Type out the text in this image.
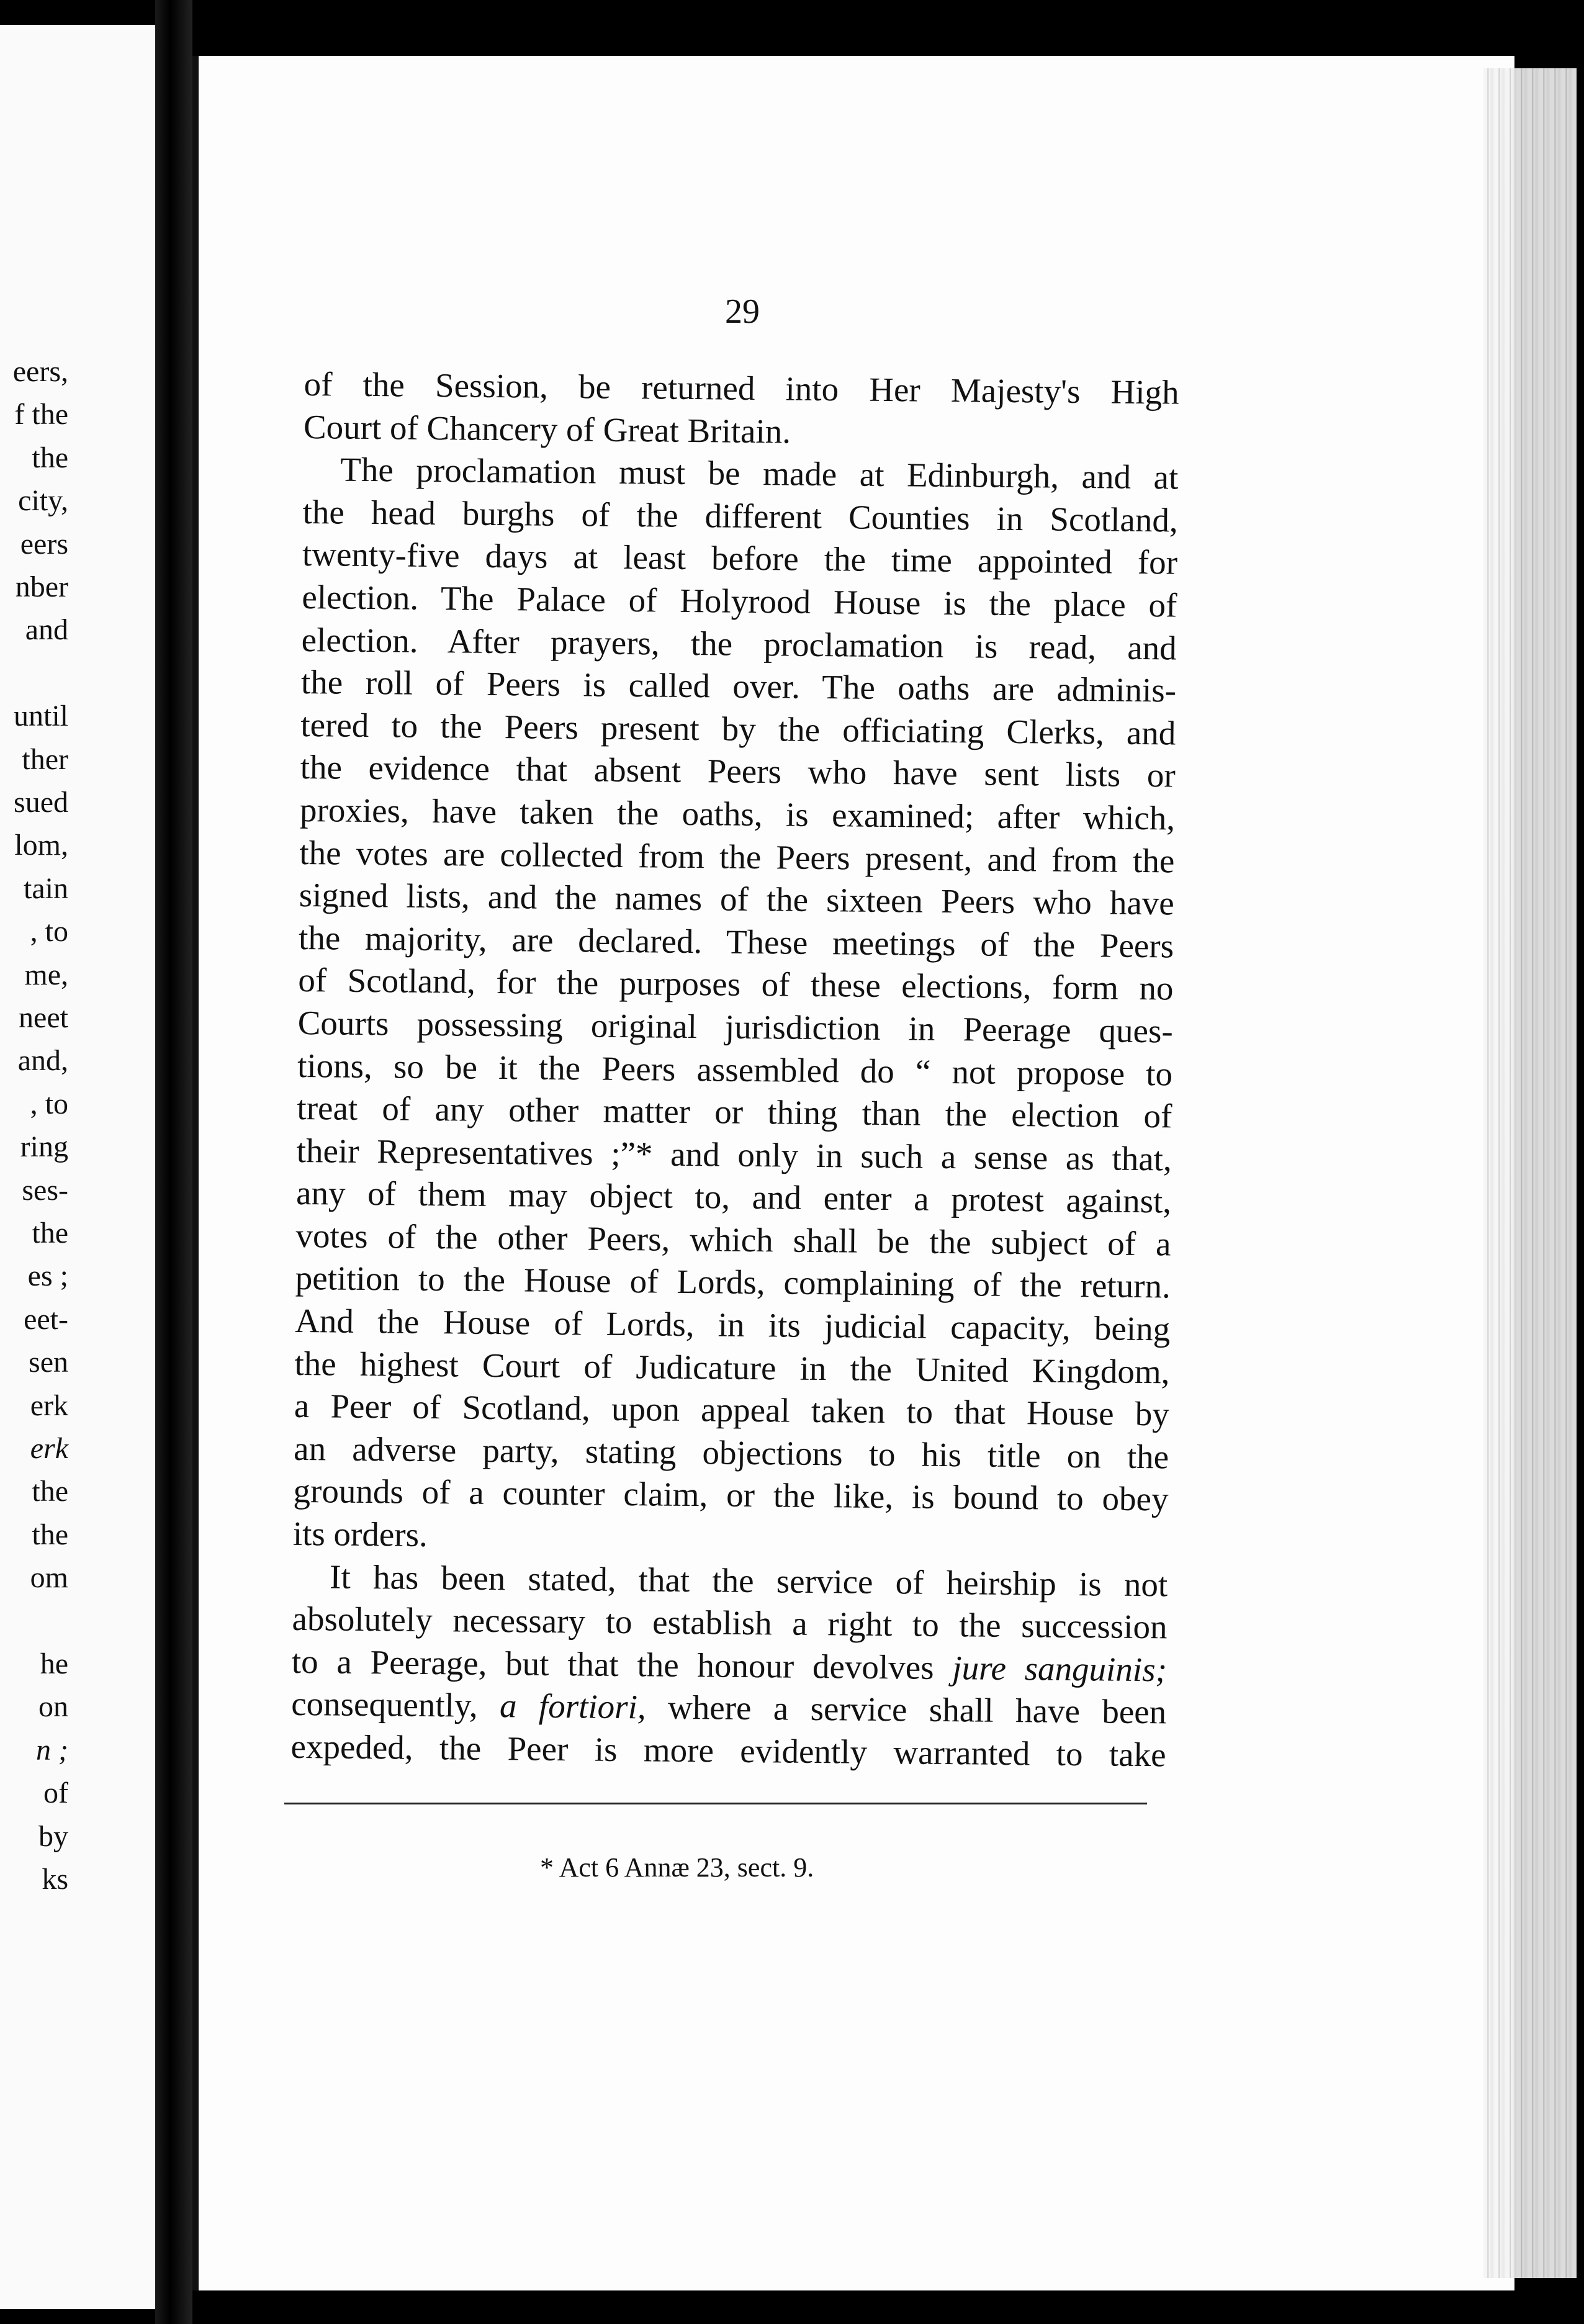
eers,
f the
the
city,
eers
nber
and
until
ther
sued
lom,
tain
, to
me,
neet
and,
, to
ring
ses-
the
es ;
eet-
sen
erk
erk
the
the
om
he
on
n ;
of
by
ks
29
of the Session, be returned into Her Majesty's High
Court of Chancery of Great Britain.
The proclamation must be made at Edinburgh, and at
the head burghs of the different Counties in Scotland,
twenty-five days at least before the time appointed for
election. The Palace of Holyrood House is the place of
election. After prayers, the proclamation is read, and
the roll of Peers is called over. The oaths are adminis-
tered to the Peers present by the officiating Clerks, and
the evidence that absent Peers who have sent lists or
proxies, have taken the oaths, is examined; after which,
the votes are collected from the Peers present, and from the
signed lists, and the names of the sixteen Peers who have
the majority, are declared. These meetings of the Peers
of Scotland, for the purposes of these elections, form no
Courts possessing original jurisdiction in Peerage ques-
tions, so be it the Peers assembled do “ not propose to
treat of any other matter or thing than the election of
their Representatives ;”* and only in such a sense as that,
any of them may object to, and enter a protest against,
votes of the other Peers, which shall be the subject of a
petition to the House of Lords, complaining of the return.
And the House of Lords, in its judicial capacity, being
the highest Court of Judicature in the United Kingdom,
a Peer of Scotland, upon appeal taken to that House by
an adverse party, stating objections to his title on the
grounds of a counter claim, or the like, is bound to obey
its orders.
It has been stated, that the service of heirship is not
absolutely necessary to establish a right to the succession
to a Peerage, but that the honour devolves jure sanguinis;
consequently, a fortiori, where a service shall have been
expeded, the Peer is more evidently warranted to take
* Act 6 Annæ 23, sect. 9.
